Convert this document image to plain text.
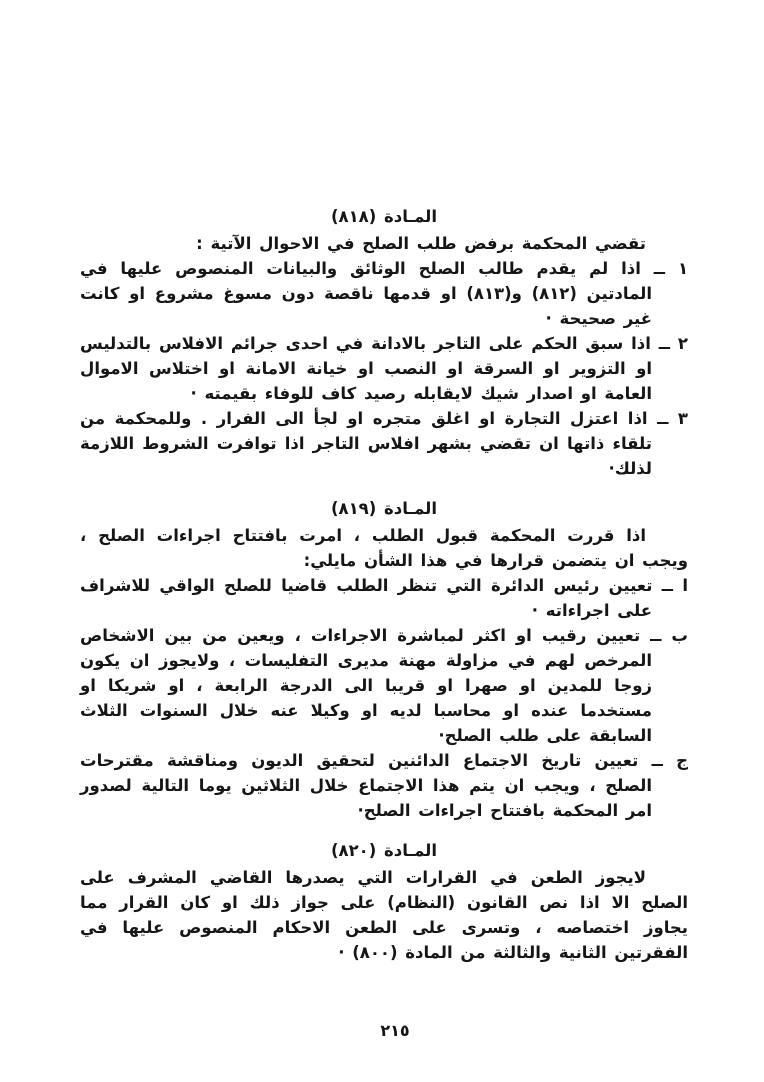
المـادة (٨١٨)

تقضي المحكمة برفض طلب الصلح في الاحوال الآتية :

١ ــ اذا لم يقدم طالب الصلح الوثائق والبيانات المنصوص عليها في المادتين (٨١٢) و(٨١٣) او قدمها ناقصة دون مسوغ مشروع او كانت غير صحيحة ·

٢ ــ اذا سبق الحكم على التاجر بالادانة في احدى جرائم الافلاس بالتدليس او التزوير او السرقة او النصب او خيانة الامانة او اختلاس الاموال العامة او اصدار شيك لايقابله رصيد كاف للوفاء بقيمته ·

٣ ــ اذا اعتزل التجارة او اغلق متجره او لجأ الى الفرار . وللمحكمة من تلقاء ذاتها ان تقضي بشهر افلاس التاجر اذا توافرت الشروط اللازمة لذلك·

المـادة (٨١٩)

اذا قررت المحكمة قبول الطلب ، امرت بافتتاح اجراءات الصلح ، ويجب ان يتضمن قرارها في هذا الشأن مايلي:

ا ــ تعيين رئيس الدائرة التي تنظر الطلب قاضيا للصلح الواقي للاشراف على اجراءاته ·

ب ــ تعيين رقيب او اكثر لمباشرة الاجراءات ، ويعين من بين الاشخاص المرخص لهم في مزاولة مهنة مديرى التفليسات ، ولايجوز ان يكون زوجا للمدين او صهرا او قريبا الى الدرجة الرابعة ، او شريكا او مستخدما عنده او محاسبا لديه او وكيلا عنه خلال السنوات الثلاث السابقة على طلب الصلح·

ج ــ تعيين تاريخ الاجتماع الدائنين لتحقيق الديون ومناقشة مقترحات الصلح ، ويجب ان يتم هذا الاجتماع خلال الثلاثين يوما التالية لصدور امر المحكمة بافتتاح اجراءات الصلح·

المـادة (٨٢٠)

لايجوز الطعن في القرارات التي يصدرها القاضي المشرف على الصلح الا اذا نص القانون (النظام) على جواز ذلك او كان القرار مما يجاوز اختصاصه ، وتسرى على الطعن الاحكام المنصوص عليها في الفقرتين الثانية والثالثة من المادة (٨٠٠) ·

٢١٥
